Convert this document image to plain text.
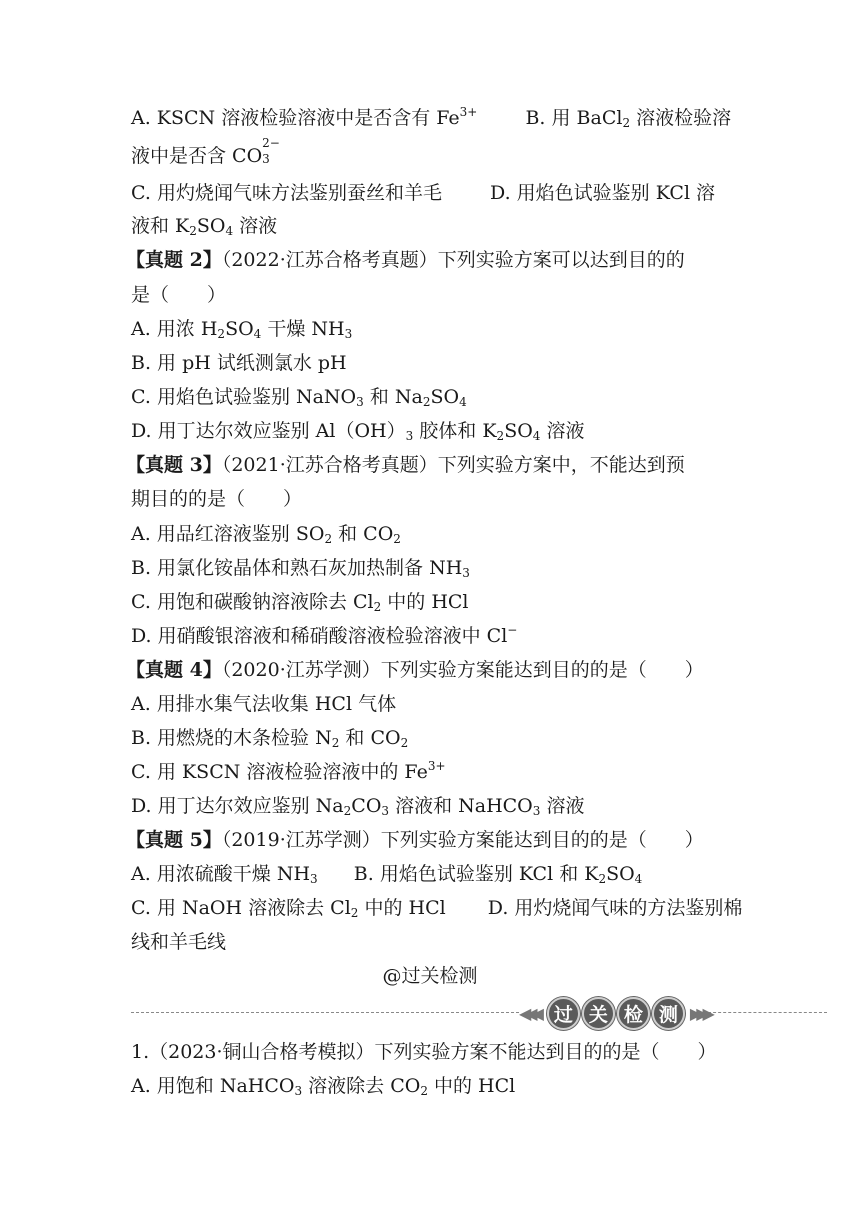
A. KSCN 溶液检验溶液中是否含有 $Fe^{3+}$	B. 用 BaCl$_2$ 溶液检验溶
液中是否含 CO
2−
3

C. 用灼烧闻气味方法鉴别蚕丝和羊毛	D. 用焰色试验鉴别 KCl 溶
液和 $K_2SO_4$ 溶液
【真题 2】（2022·江苏合格考真题）下列实验方案可以达到目的的
是（　　）
A. 用浓 $H_2SO_4$ 干燥 $NH_3$
B. 用 pH 试纸测氯水 pH
C. 用焰色试验鉴别 NaNO$_3$ 和 $Na_2SO_4$
D. 用丁达尔效应鉴别 $Al(OH)_3$ 胶体和 $K_2SO_4$ 溶液
【真题 3】（2021·江苏合格考真题）下列实验方案中，不能达到预
期目的的是（　　）
A. 用品红溶液鉴别 $SO_2$ 和 $CO_2$
B. 用氯化铵晶体和熟石灰加热制备 $NH_3$
C. 用饱和碳酸钠溶液除去 $Cl_2$ 中的 HCl
D. 用硝酸银溶液和稀硝酸溶液检验溶液中 Cl−
【真题 4】（2020·江苏学测）下列实验方案能达到目的的是（　　）
A. 用排水集气法收集 HCl 气体
B. 用燃烧的木条检验 $N_2$ 和 $CO_2$
C. 用 KSCN 溶液检验溶液中的 $Fe^{3+}$
D. 用丁达尔效应鉴别 $Na_2CO_3$ 溶液和 NaHCO$_3$ 溶液
【真题 5】（2019·江苏学测）下列实验方案能达到目的的是（　　）
A. 用浓硫酸干燥 $NH_3$ B. 用焰色试验鉴别 KCl 和 $K_2SO_4$
C. 用 NaOH 溶液除去 $Cl_2$ 中的 HCl D. 用灼烧闻气味的方法鉴别棉
线和羊毛线
@过关检测
◀◀◀ 过 关 检 测 ▶▶▶
1.（2023·铜山合格考模拟）下列实验方案不能达到目的的是（　　）
A. 用饱和 NaHCO$_3$ 溶液除去 $CO_2$ 中的 HCl
